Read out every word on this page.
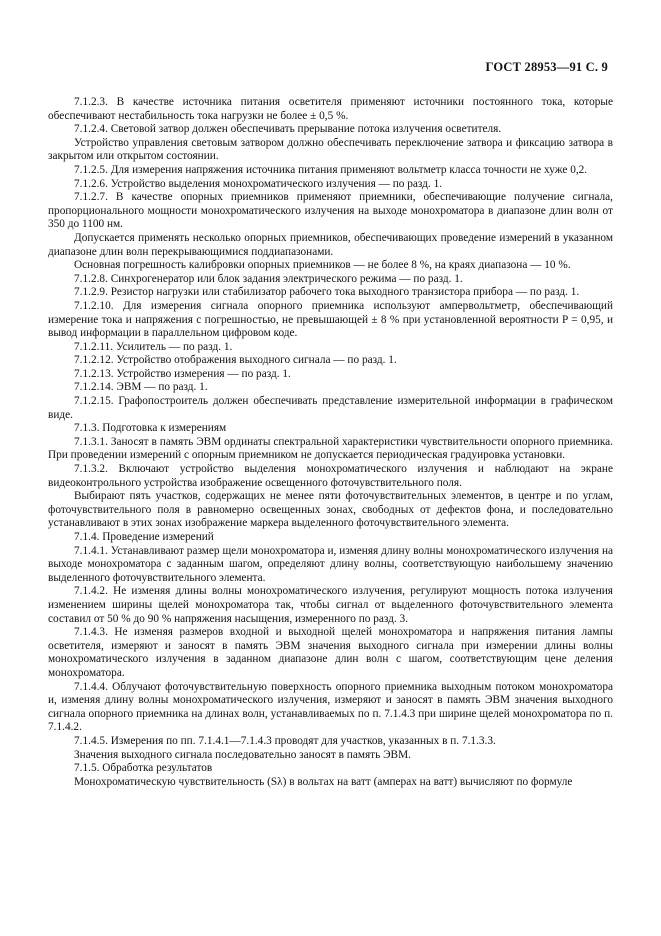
ГОСТ 28953—91 С. 9

7.1.2.3. В качестве источника питания осветителя применяют источники постоянного тока, которые обеспечивают нестабильность тока нагрузки не более ± 0,5 %.

7.1.2.4. Световой затвор должен обеспечивать прерывание потока излучения осветителя.

Устройство управления световым затвором должно обеспечивать переключение затвора и фиксацию затвора в закрытом или открытом состоянии.

7.1.2.5. Для измерения напряжения источника питания применяют вольтметр класса точности не хуже 0,2.

7.1.2.6. Устройство выделения монохроматического излучения — по разд. 1.

7.1.2.7. В качестве опорных приемников применяют приемники, обеспечивающие получение сигнала, пропорционального мощности монохроматического излучения на выходе монохроматора в диапазоне длин волн от 350 до 1100 нм.

Допускается применять несколько опорных приемников, обеспечивающих проведение измерений в указанном диапазоне длин волн перекрывающимися поддиапазонами.

Основная погрешность калибровки опорных приемников — не более 8 %, на краях диапазона — 10 %.

7.1.2.8. Синхрогенератор или блок задания электрического режима — по разд. 1.

7.1.2.9. Резистор нагрузки или стабилизатор рабочего тока выходного транзистора прибора — по разд. 1.

7.1.2.10. Для измерения сигнала опорного приемника используют ампервольтметр, обеспечивающий измерение тока и напряжения с погрешностью, не превышающей ± 8 % при установленной вероятности P = 0,95, и вывод информации в параллельном цифровом коде.

7.1.2.11. Усилитель — по разд. 1.

7.1.2.12. Устройство отображения выходного сигнала — по разд. 1.

7.1.2.13. Устройство измерения — по разд. 1.

7.1.2.14. ЭВМ — по разд. 1.

7.1.2.15. Графопостроитель должен обеспечивать представление измерительной информации в графическом виде.

7.1.3. Подготовка к измерениям

7.1.3.1. Заносят в память ЭВМ ординаты спектральной характеристики чувствительности опорного приемника. При проведении измерений с опорным приемником не допускается периодическая градуировка установки.

7.1.3.2. Включают устройство выделения монохроматического излучения и наблюдают на экране видеоконтрольного устройства изображение освещенного фоточувствительного поля.

Выбирают пять участков, содержащих не менее пяти фоточувствительных элементов, в центре и по углам, фоточувствительного поля в равномерно освещенных зонах, свободных от дефектов фона, и последовательно устанавливают в этих зонах изображение маркера выделенного фоточувствительного элемента.

7.1.4. Проведение измерений

7.1.4.1. Устанавливают размер щели монохроматора и, изменяя длину волны монохроматического излучения на выходе монохроматора с заданным шагом, определяют длину волны, соответствующую наибольшему значению выделенного фоточувствительного элемента.

7.1.4.2. Не изменяя длины волны монохроматического излучения, регулируют мощность потока излучения изменением ширины щелей монохроматора так, чтобы сигнал от выделенного фоточувствительного элемента составил от 50 % до 90 % напряжения насыщения, измеренного по разд. 3.

7.1.4.3. Не изменяя размеров входной и выходной щелей монохроматора и напряжения питания лампы осветителя, измеряют и заносят в память ЭВМ значения выходного сигнала при измерении длины волны монохроматического излучения в заданном диапазоне длин волн с шагом, соответствующим цене деления монохроматора.

7.1.4.4. Облучают фоточувствительную поверхность опорного приемника выходным потоком монохроматора и, изменяя длину волны монохроматического излучения, измеряют и заносят в память ЭВМ значения выходного сигнала опорного приемника на длинах волн, устанавливаемых по п. 7.1.4.3 при ширине щелей монохроматора по п. 7.1.4.2.

7.1.4.5. Измерения по пп. 7.1.4.1—7.1.4.3 проводят для участков, указанных в п. 7.1.3.3.

Значения выходного сигнала последовательно заносят в память ЭВМ.

7.1.5. Обработка результатов

Монохроматическую чувствительность (Sλ) в вольтах на ватт (амперах на ватт) вычисляют по формуле
